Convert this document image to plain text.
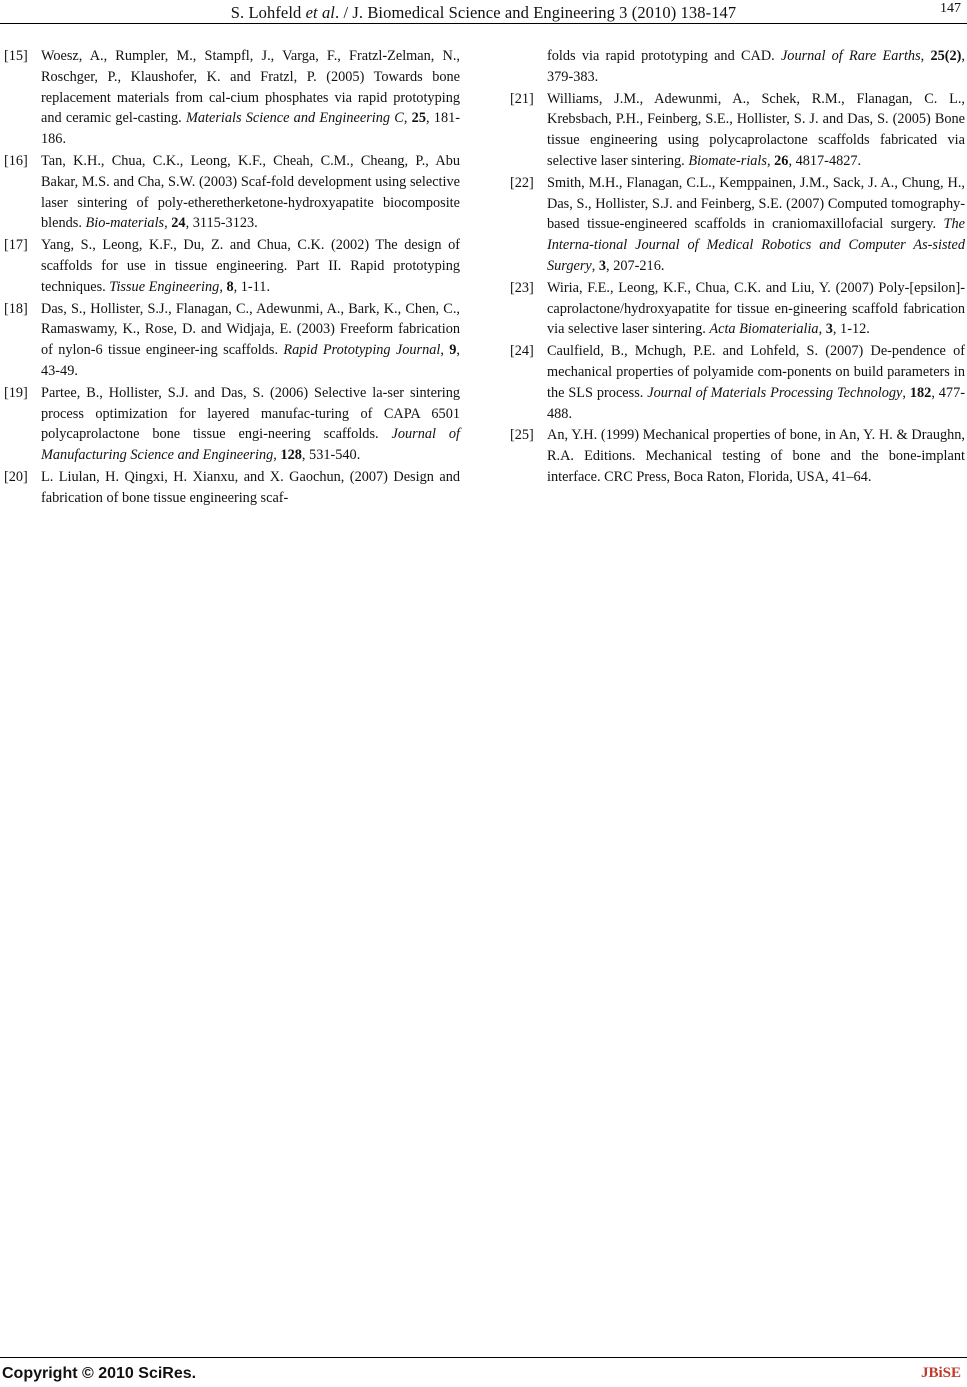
S. Lohfeld et al. / J. Biomedical Science and Engineering 3 (2010) 138-147	147
[15] Woesz, A., Rumpler, M., Stampfl, J., Varga, F., Fratzl-Zelman, N., Roschger, P., Klaushofer, K. and Fratzl, P. (2005) Towards bone replacement materials from cal-cium phosphates via rapid prototyping and ceramic gel-casting. Materials Science and Engineering C, 25, 181-186.
[16] Tan, K.H., Chua, C.K., Leong, K.F., Cheah, C.M., Cheang, P., Abu Bakar, M.S. and Cha, S.W. (2003) Scaf-fold development using selective laser sintering of poly-etheretherketone-hydroxyapatite biocomposite blends. Bio-materials, 24, 3115-3123.
[17] Yang, S., Leong, K.F., Du, Z. and Chua, C.K. (2002) The design of scaffolds for use in tissue engineering. Part II. Rapid prototyping techniques. Tissue Engineering, 8, 1-11.
[18] Das, S., Hollister, S.J., Flanagan, C., Adewunmi, A., Bark, K., Chen, C., Ramaswamy, K., Rose, D. and Widjaja, E. (2003) Freeform fabrication of nylon-6 tissue engineer-ing scaffolds. Rapid Prototyping Journal, 9, 43-49.
[19] Partee, B., Hollister, S.J. and Das, S. (2006) Selective la-ser sintering process optimization for layered manufac-turing of CAPA 6501 polycaprolactone bone tissue engi-neering scaffolds. Journal of Manufacturing Science and Engineering, 128, 531-540.
[20] L. Liulan, H. Qingxi, H. Xianxu, and X. Gaochun, (2007) Design and fabrication of bone tissue engineering scaf-
folds via rapid prototyping and CAD. Journal of Rare Earths, 25(2), 379-383.
[21] Williams, J.M., Adewunmi, A., Schek, R.M., Flanagan, C. L., Krebsbach, P.H., Feinberg, S.E., Hollister, S. J. and Das, S. (2005) Bone tissue engineering using polycaprolactone scaffolds fabricated via selective laser sintering. Biomate-rials, 26, 4817-4827.
[22] Smith, M.H., Flanagan, C.L., Kemppainen, J.M., Sack, J. A., Chung, H., Das, S., Hollister, S.J. and Feinberg, S.E. (2007) Computed tomography-based tissue-engineered scaffolds in craniomaxillofacial surgery. The Interna-tional Journal of Medical Robotics and Computer As-sisted Surgery, 3, 207-216.
[23] Wiria, F.E., Leong, K.F., Chua, C.K. and Liu, Y. (2007) Poly-[epsilon]-caprolactone/hydroxyapatite for tissue en-gineering scaffold fabrication via selective laser sintering. Acta Biomaterialia, 3, 1-12.
[24] Caulfield, B., Mchugh, P.E. and Lohfeld, S. (2007) De-pendence of mechanical properties of polyamide com-ponents on build parameters in the SLS process. Journal of Materials Processing Technology, 182, 477-488.
[25] An, Y.H. (1999) Mechanical properties of bone, in An, Y. H. & Draughn, R.A. Editions. Mechanical testing of bone and the bone-implant interface. CRC Press, Boca Raton, Florida, USA, 41–64.
Copyright © 2010 SciRes.	JBiSE
